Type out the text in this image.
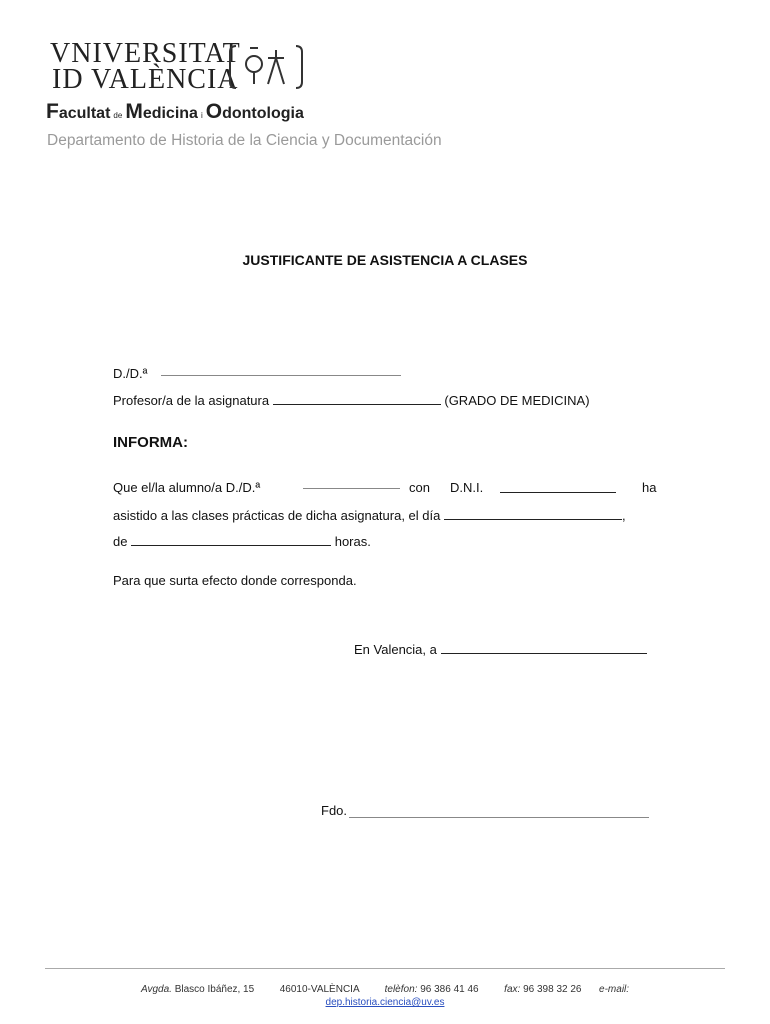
VNIVERSITAT
ID VALÈNCIA
Facultat de Medicina i Odontologia
Departamento de Historia de la Ciencia y Documentación
JUSTIFICANTE DE ASISTENCIA A CLASES
D./D.ª
Profesor/a de la asignatura	(GRADO DE MEDICINA)
INFORMA:
Que el/la alumno/a D./D.ª	con D.N.I.	ha
asistido a las clases prácticas de dicha asignatura, el día	,
de	horas.
Para que surta efecto donde corresponda.
En Valencia, a
Fdo.
Avgda. Blasco Ibáñez, 15	46010-VALÈNCIA	telèfon: 96 386 41 46	fax: 96 398 32 26 e-mail:
dep.historia.ciencia@uv.es
